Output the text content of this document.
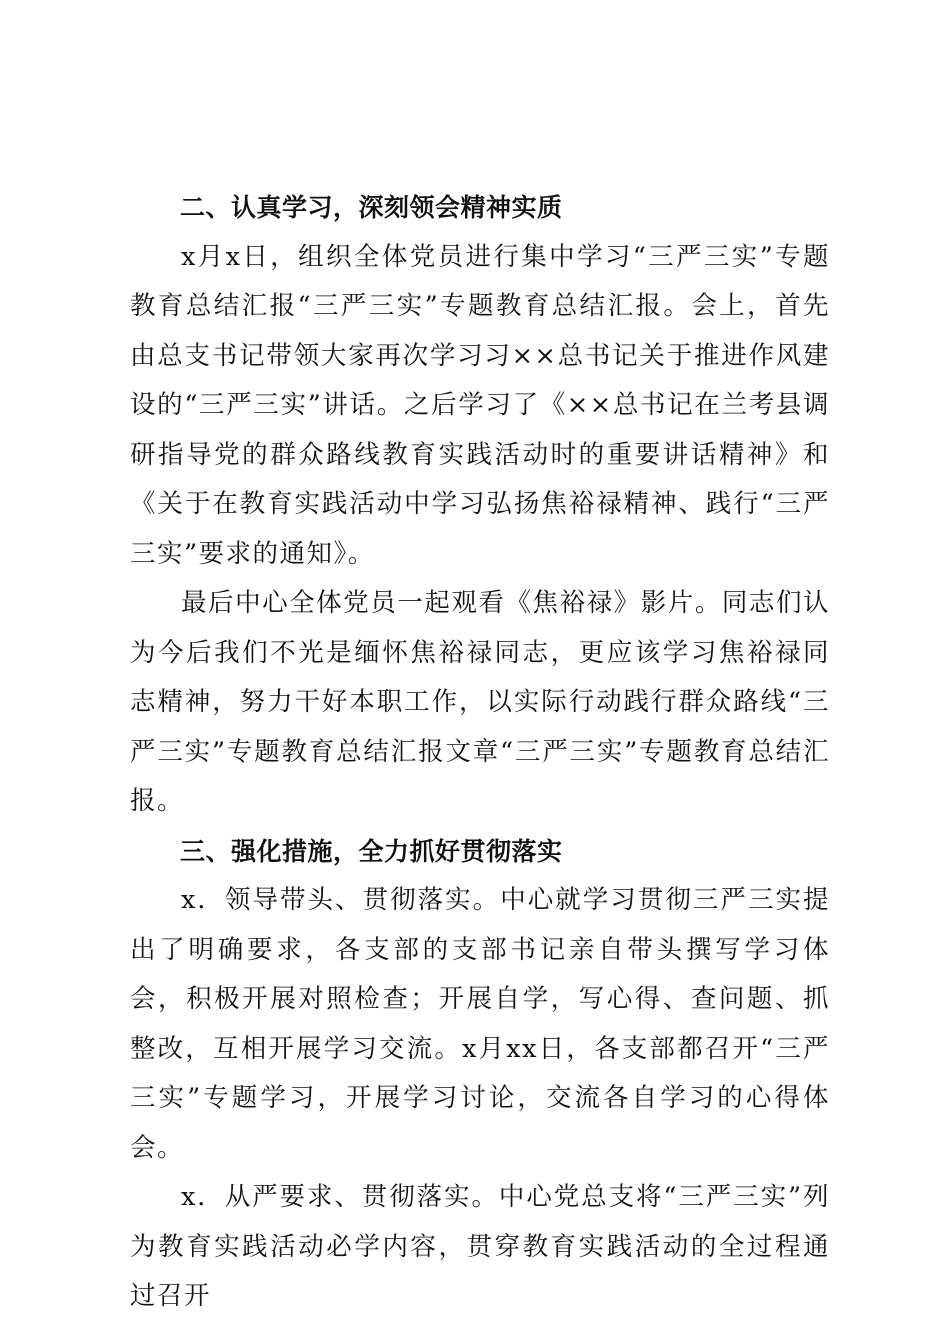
二、认真学习，深刻领会精神实质

x月x日，组织全体党员进行集中学习“三严三实”专题教育总结汇报“三严三实”专题教育总结汇报。会上，首先由总支书记带领大家再次学习习××总书记关于推进作风建设的“三严三实”讲话。之后学习了《××总书记在兰考县调研指导党的群众路线教育实践活动时的重要讲话精神》和《关于在教育实践活动中学习弘扬焦裕禄精神、践行“三严三实”要求的通知》。

最后中心全体党员一起观看《焦裕禄》影片。同志们认为今后我们不光是缅怀焦裕禄同志，更应该学习焦裕禄同志精神，努力干好本职工作，以实际行动践行群众路线“三严三实”专题教育总结汇报文章“三严三实”专题教育总结汇报。

三、强化措施，全力抓好贯彻落实

x．领导带头、贯彻落实。中心就学习贯彻三严三实提出了明确要求，各支部的支部书记亲自带头撰写学习体会，积极开展对照检查；开展自学，写心得、查问题、抓整改，互相开展学习交流。x月xx日，各支部都召开“三严三实”专题学习，开展学习讨论，交流各自学习的心得体会。

x．从严要求、贯彻落实。中心党总支将“三严三实”列为教育实践活动必学内容，贯穿教育实践活动的全过程通过召开
